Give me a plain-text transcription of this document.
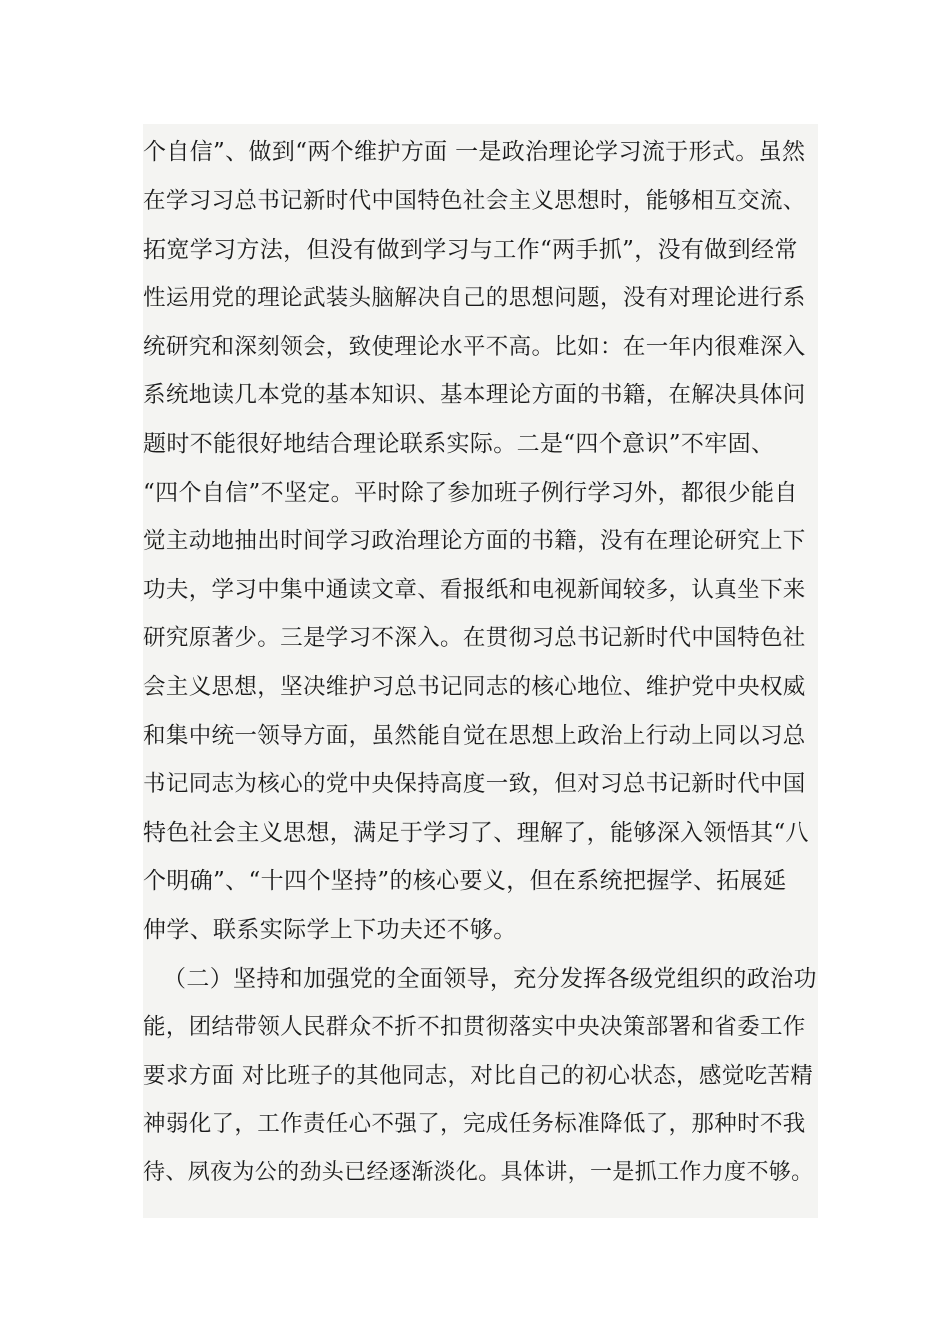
个自信”、做到“两个维护方面 一是政治理论学习流于形式。虽然
在学习习总书记新时代中国特色社会主义思想时，能够相互交流、
拓宽学习方法，但没有做到学习与工作“两手抓”，没有做到经常
性运用党的理论武装头脑解决自己的思想问题，没有对理论进行系
统研究和深刻领会，致使理论水平不高。比如：在一年内很难深入
系统地读几本党的基本知识、基本理论方面的书籍，在解决具体问
题时不能很好地结合理论联系实际。二是“四个意识”不牢固、
“四个自信”不坚定。平时除了参加班子例行学习外，都很少能自
觉主动地抽出时间学习政治理论方面的书籍，没有在理论研究上下
功夫，学习中集中通读文章、看报纸和电视新闻较多，认真坐下来
研究原著少。三是学习不深入。在贯彻习总书记新时代中国特色社
会主义思想，坚决维护习总书记同志的核心地位、维护党中央权威
和集中统一领导方面，虽然能自觉在思想上政治上行动上同以习总
书记同志为核心的党中央保持高度一致，但对习总书记新时代中国
特色社会主义思想，满足于学习了、理解了，能够深入领悟其“八
个明确”、“十四个坚持”的核心要义，但在系统把握学、拓展延
伸学、联系实际学上下功夫还不够。
（二）坚持和加强党的全面领导，充分发挥各级党组织的政治功
能，团结带领人民群众不折不扣贯彻落实中央决策部署和省委工作
要求方面 对比班子的其他同志，对比自己的初心状态，感觉吃苦精
神弱化了，工作责任心不强了，完成任务标准降低了，那种时不我
待、夙夜为公的劲头已经逐渐淡化。具体讲，一是抓工作力度不够。
